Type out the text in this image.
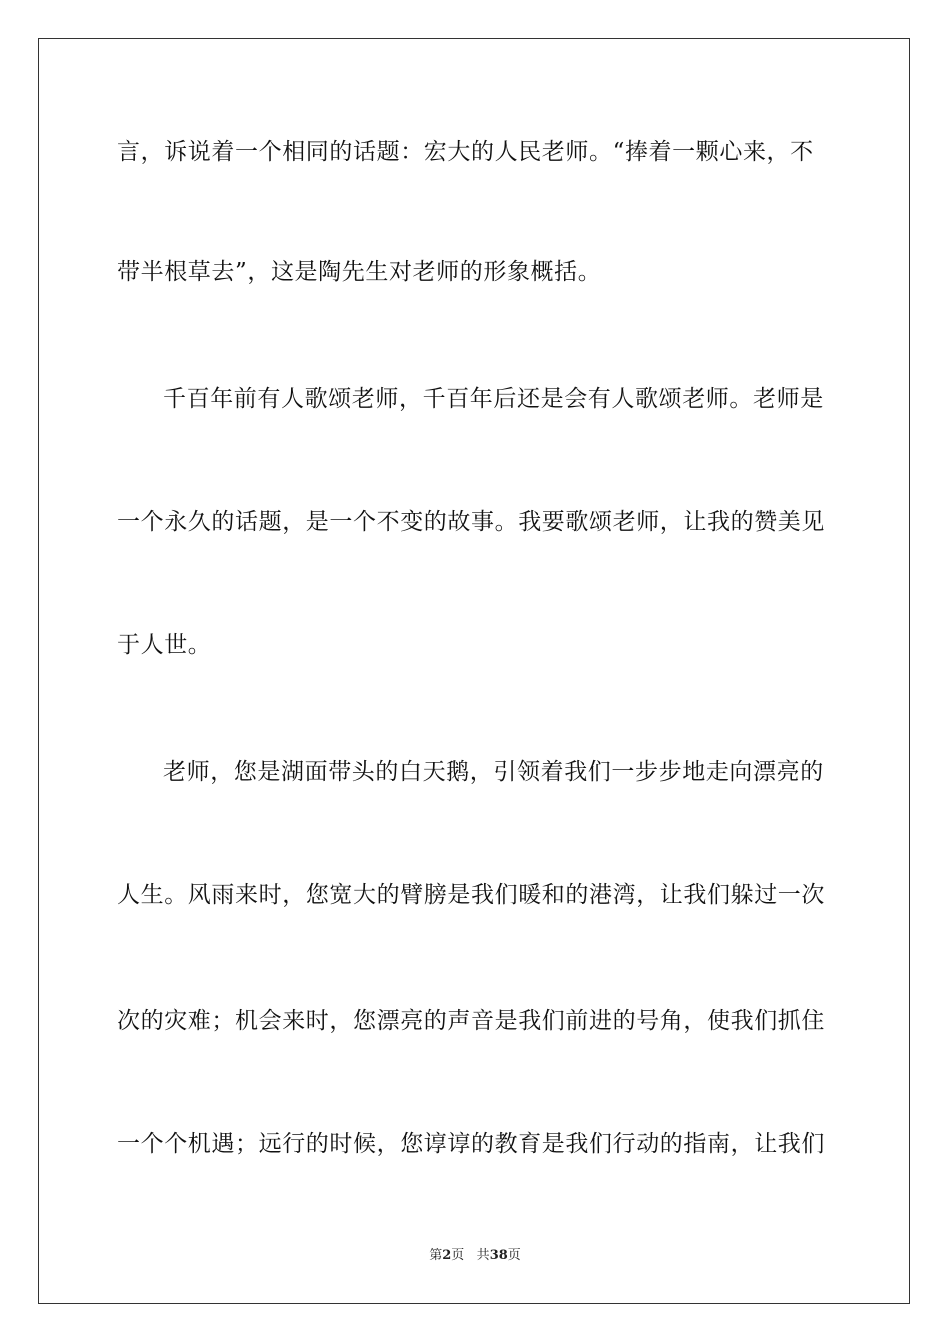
言，诉说着一个相同的话题：宏大的人民老师。“捧着一颗心来，不
带半根草去”，这是陶先生对老师的形象概括。
千百年前有人歌颂老师，千百年后还是会有人歌颂老师。老师是
一个永久的话题，是一个不变的故事。我要歌颂老师，让我的赞美见
于人世。
老师，您是湖面带头的白天鹅，引领着我们一步步地走向漂亮的
人生。风雨来时，您宽大的臂膀是我们暖和的港湾，让我们躲过一次
次的灾难；机会来时，您漂亮的声音是我们前进的号角，使我们抓住
一个个机遇；远行的时候，您谆谆的教育是我们行动的指南，让我们
第2页 共38页
